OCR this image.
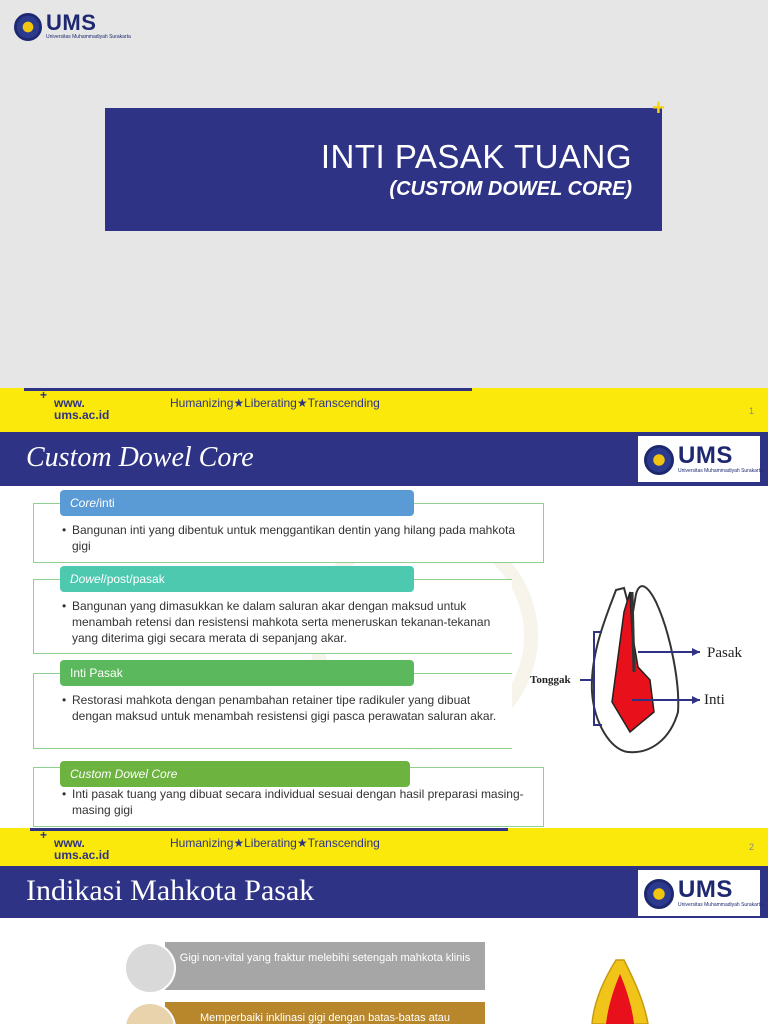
UMS
Universitas Muhammadiyah Surakarta
INTI PASAK TUANG
(CUSTOM DOWEL CORE)
+
+
www.
ums.ac.id
Humanizing★Liberating★Transcending
1
Custom Dowel Core	UMS
Universitas Muhammadiyah Surakarta
• Bangunan inti yang dibentuk untuk menggantikan dentin yang hilang pada mahkota gigi
Core/inti
• Bangunan yang dimasukkan ke dalam saluran akar dengan maksud untuk menambah retensi dan resistensi mahkota serta meneruskan tekanan-tekanan yang diterima gigi secara merata di sepanjang akar.
Dowel/post/pasak
• Restorasi mahkota dengan penambahan retainer tipe radikuler yang dibuat dengan maksud untuk menambah resistensi gigi pasca perawatan saluran akar.
Inti Pasak
• Inti pasak tuang yang dibuat secara individual sesuai dengan hasil preparasi masing-masing gigi
Custom Dowel Core
Tonggak
Pasak
Inti
+
www.
ums.ac.id
Humanizing★Liberating★Transcending	2
Indikasi Mahkota Pasak	UMS
Universitas Muhammadiyah Surakarta
Gigi non-vital yang fraktur melebihi setengah mahkota klinis
Memperbaiki inklinasi gigi dengan batas-batas atau
